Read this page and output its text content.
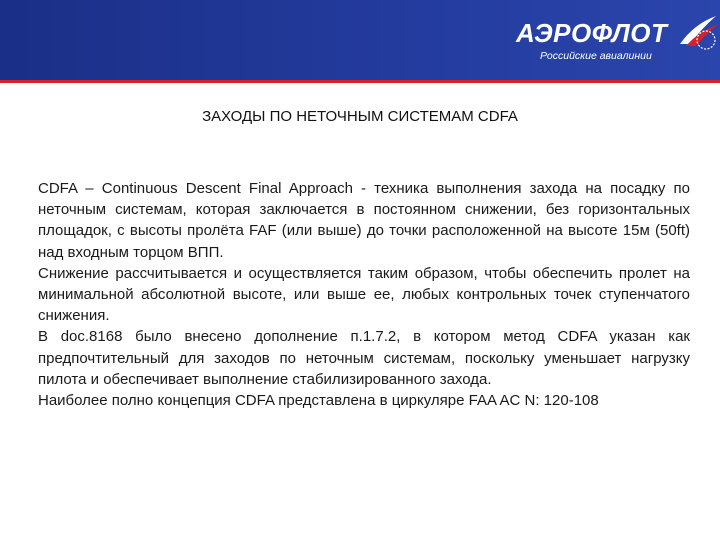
АЭРОФЛОТ
Российские авиалинии
ЗАХОДЫ ПО НЕТОЧНЫМ СИСТЕМАМ CDFA

CDFA – Continuous Descent Final Approach - техника выполнения захода на посадку по неточным системам, которая заключается в постоянном снижении, без горизонтальных площадок, с высоты пролёта FAF (или выше) до точки расположенной на высоте 15м (50ft) над входным торцом ВПП.

Снижение рассчитывается и осуществляется таким образом, чтобы обеспечить пролет на минимальной абсолютной высоте, или выше ее, любых контрольных точек ступенчатого снижения.

В doc.8168 было внесено дополнение п.1.7.2, в котором метод CDFA указан как предпочтительный для заходов по неточным системам, поскольку уменьшает нагрузку пилота и обеспечивает выполнение стабилизированного захода.

Наиболее полно концепция CDFA представлена в циркуляре FAA AC N: 120-108
